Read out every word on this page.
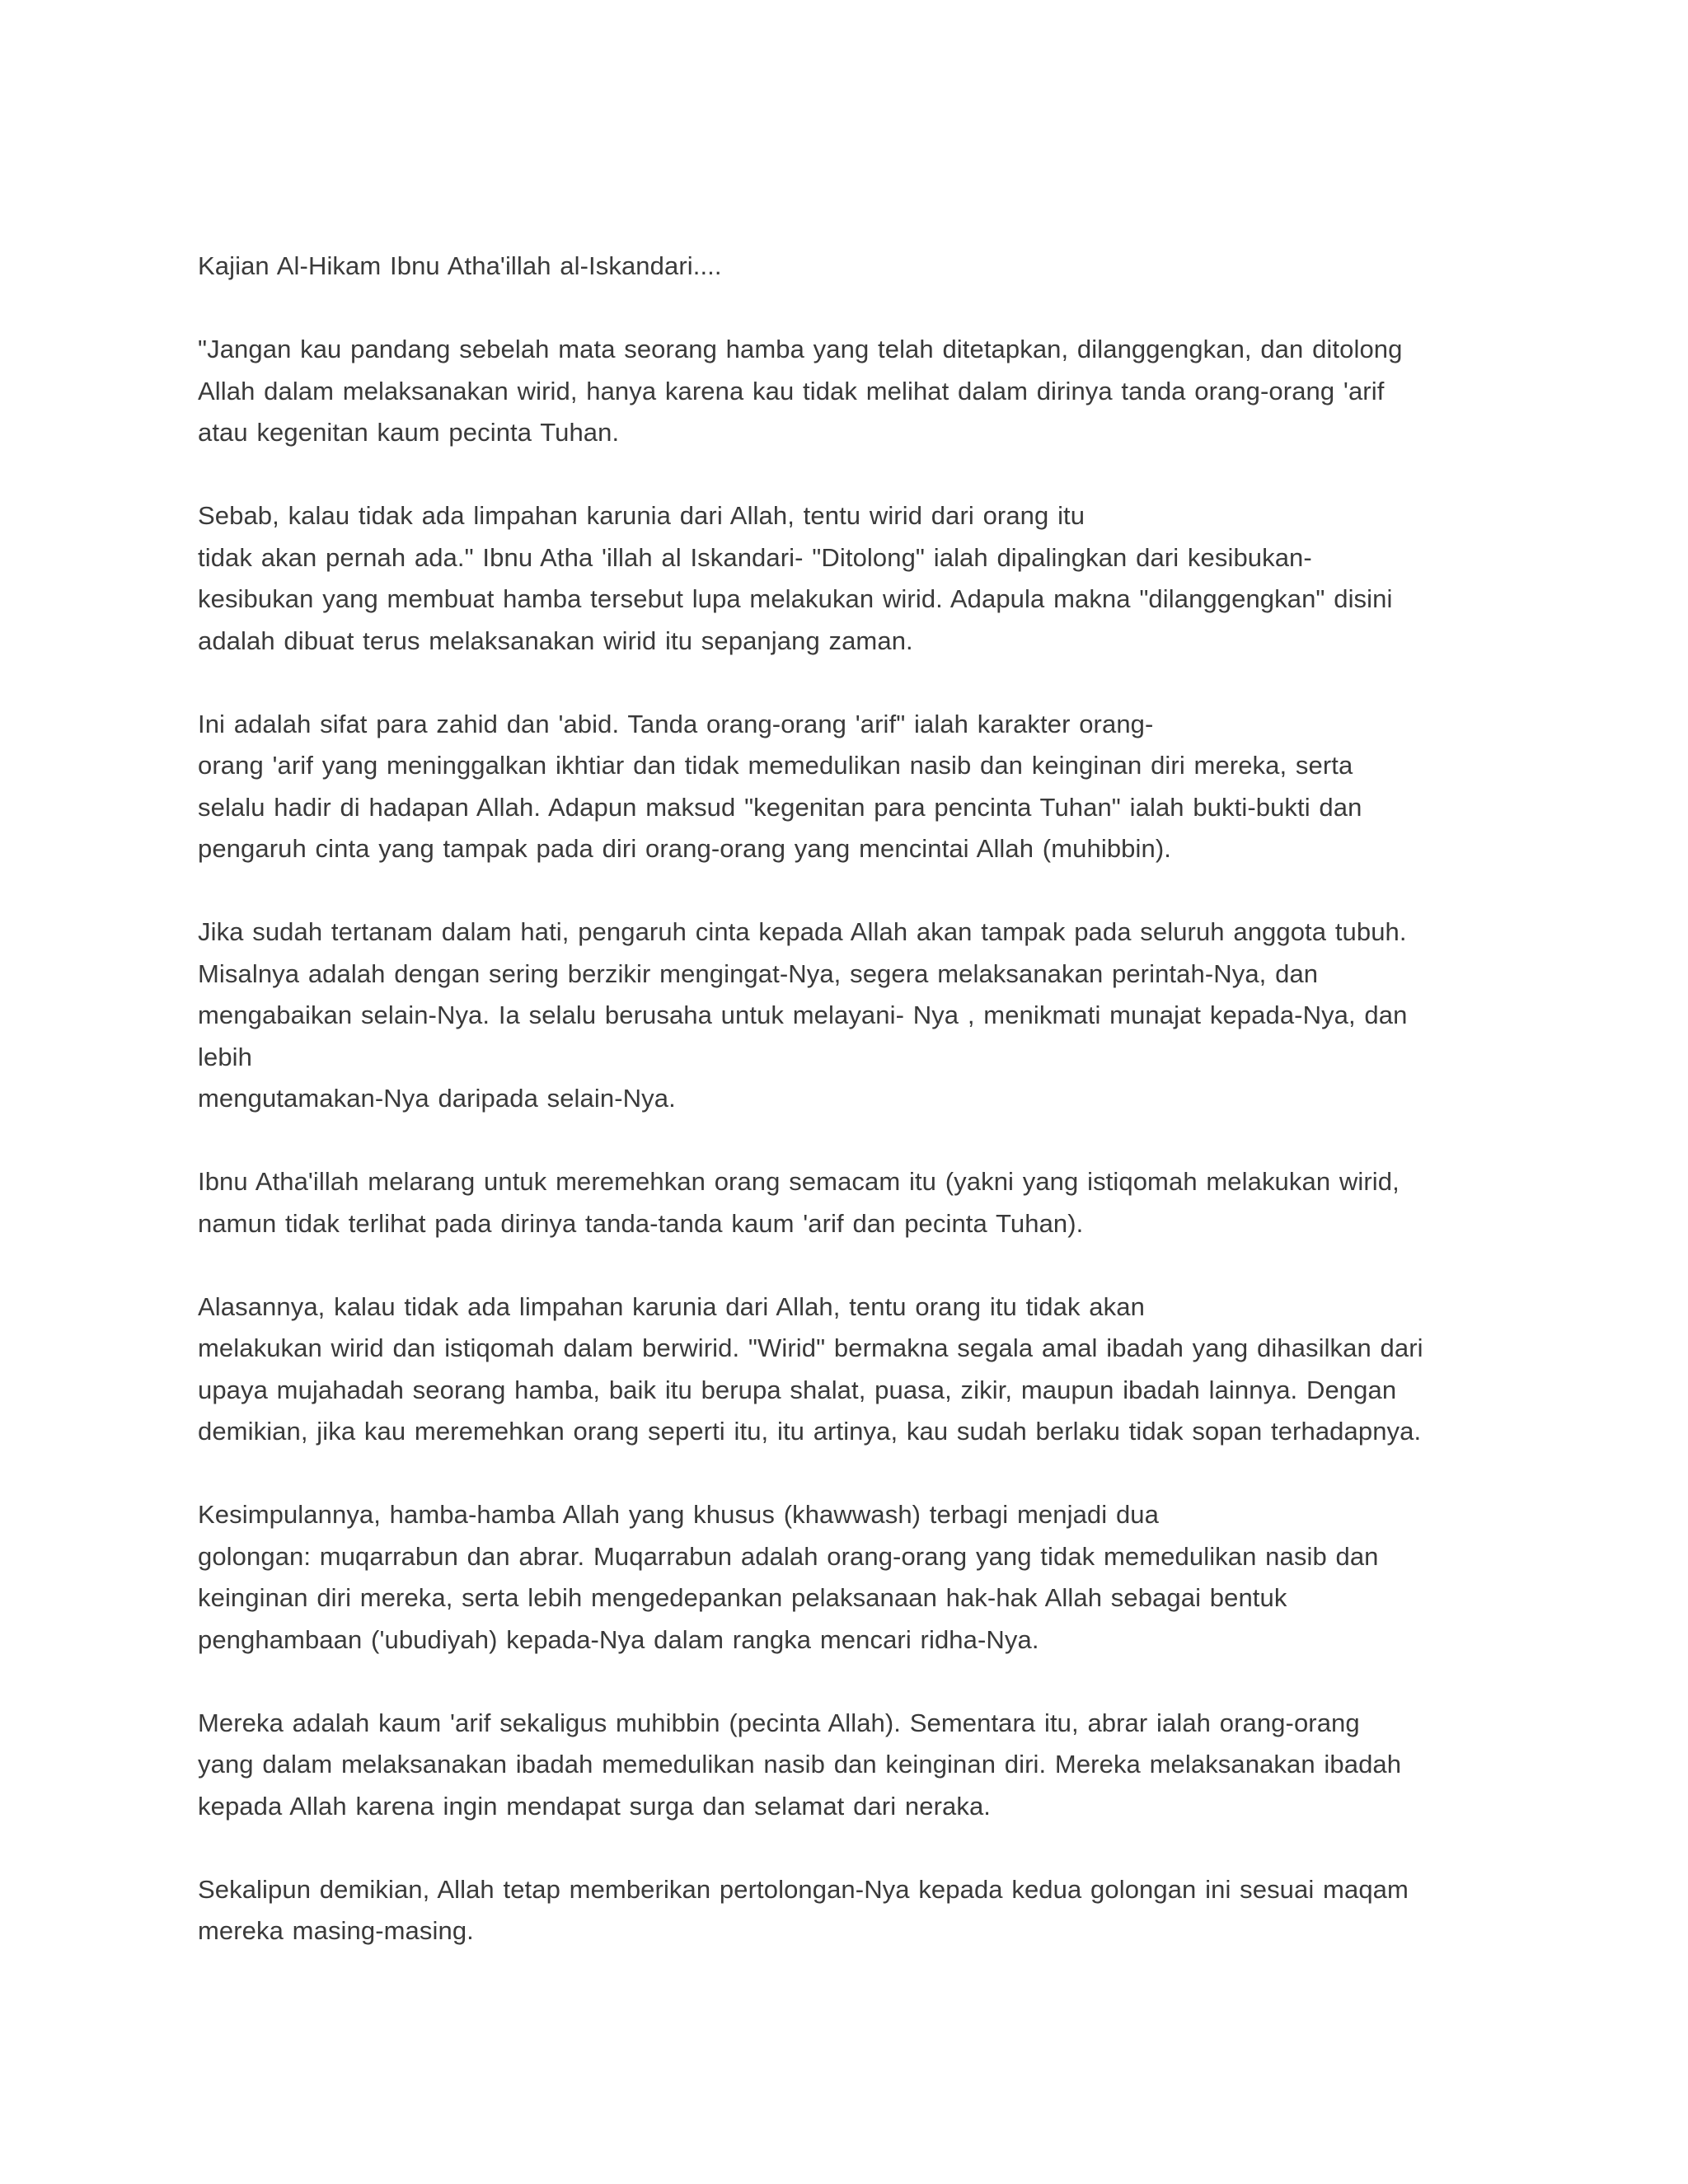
Kajian Al-Hikam Ibnu Atha'illah al-Iskandari....
"Jangan kau pandang sebelah mata seorang hamba yang telah ditetapkan, dilanggengkan, dan ditolong
Allah dalam melaksanakan wirid, hanya karena kau tidak melihat dalam dirinya tanda orang-orang 'arif
atau kegenitan kaum pecinta Tuhan.
Sebab, kalau tidak ada limpahan karunia dari Allah, tentu wirid dari orang itu
tidak akan pernah ada." Ibnu Atha 'illah al Iskandari- "Ditolong" ialah dipalingkan dari kesibukan-
kesibukan yang membuat hamba tersebut lupa melakukan wirid. Adapula makna "dilanggengkan" disini
adalah dibuat terus melaksanakan wirid itu sepanjang zaman.
Ini adalah sifat para zahid dan 'abid. Tanda orang-orang 'arif" ialah karakter orang-
orang 'arif yang meninggalkan ikhtiar dan tidak memedulikan nasib dan keinginan diri mereka, serta
selalu hadir di hadapan Allah. Adapun maksud "kegenitan para pencinta Tuhan" ialah bukti-bukti dan
pengaruh cinta yang tampak pada diri orang-orang yang mencintai Allah (muhibbin).
Jika sudah tertanam dalam hati, pengaruh cinta kepada Allah akan tampak pada seluruh anggota tubuh.
Misalnya adalah dengan sering berzikir mengingat-Nya, segera melaksanakan perintah-Nya, dan
mengabaikan selain-Nya. Ia selalu berusaha untuk melayani- Nya , menikmati munajat kepada-Nya, dan
lebih
mengutamakan-Nya daripada selain-Nya.
Ibnu Atha'illah melarang untuk meremehkan orang semacam itu (yakni yang istiqomah melakukan wirid,
namun tidak terlihat pada dirinya tanda-tanda kaum 'arif dan pecinta Tuhan).
Alasannya, kalau tidak ada limpahan karunia dari Allah, tentu orang itu tidak akan
melakukan wirid dan istiqomah dalam berwirid. "Wirid" bermakna segala amal ibadah yang dihasilkan dari
upaya mujahadah seorang hamba, baik itu berupa shalat, puasa, zikir, maupun ibadah lainnya. Dengan
demikian, jika kau meremehkan orang seperti itu, itu artinya, kau sudah berlaku tidak sopan terhadapnya.
Kesimpulannya, hamba-hamba Allah yang khusus (khawwash) terbagi menjadi dua
golongan: muqarrabun dan abrar. Muqarrabun adalah orang-orang yang tidak memedulikan nasib dan
keinginan diri mereka, serta lebih mengedepankan pelaksanaan hak-hak Allah sebagai bentuk
penghambaan ('ubudiyah) kepada-Nya dalam rangka mencari ridha-Nya.
Mereka adalah kaum 'arif sekaligus muhibbin (pecinta Allah). Sementara itu, abrar ialah orang-orang
yang dalam melaksanakan ibadah memedulikan nasib dan keinginan diri. Mereka melaksanakan ibadah
kepada Allah karena ingin mendapat surga dan selamat dari neraka.
Sekalipun demikian, Allah tetap memberikan pertolongan-Nya kepada kedua golongan ini sesuai maqam
mereka masing-masing.
